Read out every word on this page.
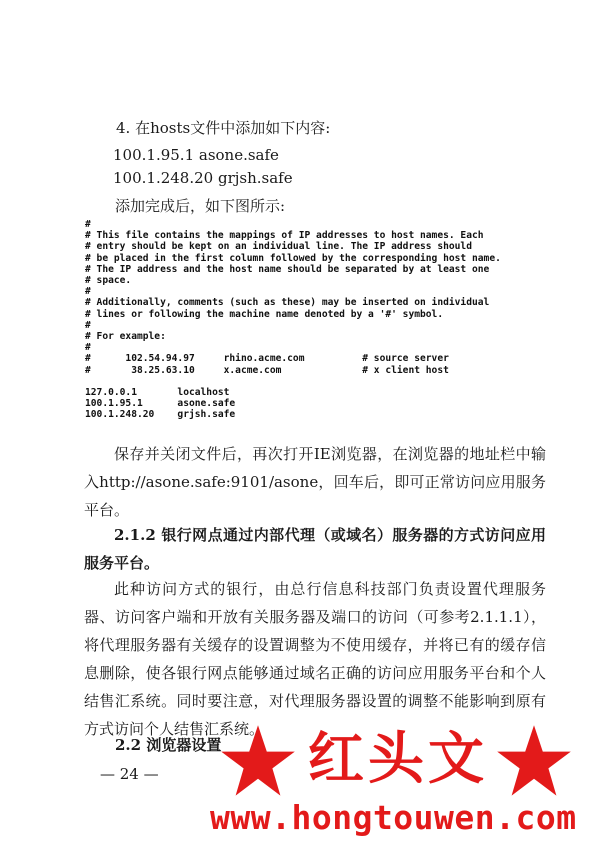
4. 在hosts文件中添加如下内容:
100.1.95.1 asone.safe
100.1.248.20 grjsh.safe
添加完成后，如下图所示:
#
# This file contains the mappings of IP addresses to host names. Each
# entry should be kept on an individual line. The IP address should
# be placed in the first column followed by the corresponding host name.
# The IP address and the host name should be separated by at least one
# space.
#
# Additionally, comments (such as these) may be inserted on individual
# lines or following the machine name denoted by a '#' symbol.
#
# For example:
#
#      102.54.94.97     rhino.acme.com          # source server
#       38.25.63.10     x.acme.com              # x client host

127.0.0.1       localhost
100.1.95.1      asone.safe
100.1.248.20    grjsh.safe
保存并关闭文件后，再次打开IE浏览器，在浏览器的地址栏中输入http://asone.safe:9101/asone，回车后，即可正常访问应用服务平台。
2.1.2 银行网点通过内部代理（或域名）服务器的方式访问应用服务平台。
此种访问方式的银行，由总行信息科技部门负责设置代理服务器、访问客户端和开放有关服务器及端口的访问（可参考2.1.1.1），将代理服务器有关缓存的设置调整为不使用缓存，并将已有的缓存信息删除，使各银行网点能够通过域名正确的访问应用服务平台和个人结售汇系统。同时要注意，对代理服务器设置的调整不能影响到原有方式访问个人结售汇系统。
2.2 浏览器设置
— 24 —	红头文
www.hongtouwen.com
